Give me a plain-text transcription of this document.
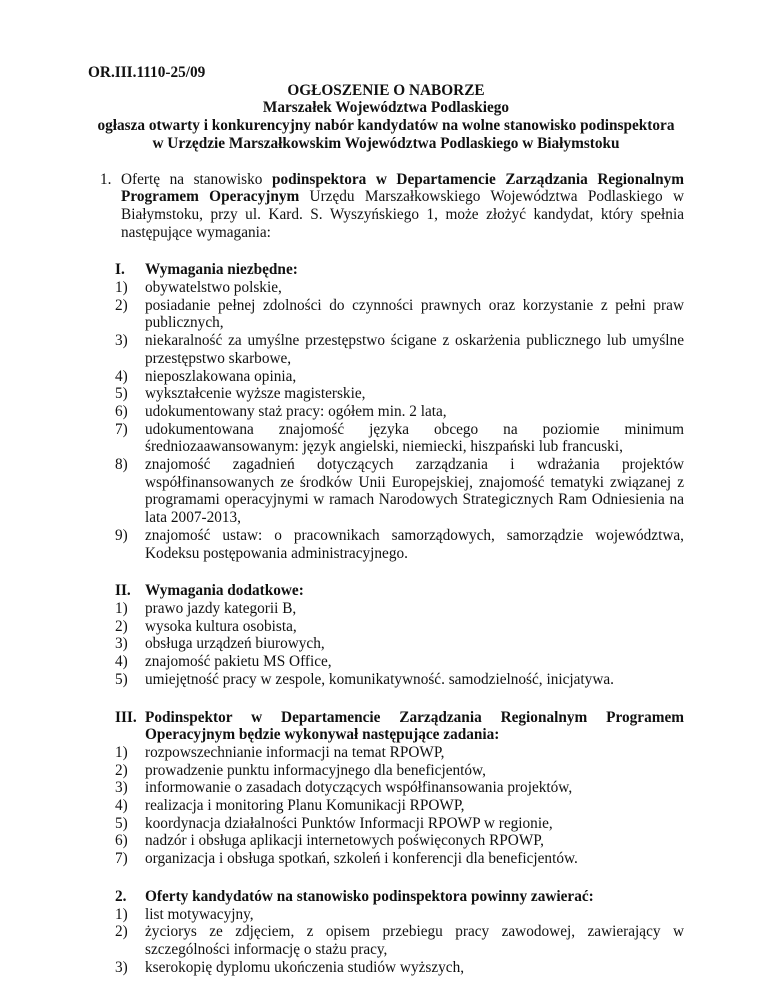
OR.III.1110-25/09
OGŁOSZENIE O NABORZE
Marszałek Województwa Podlaskiego
ogłasza otwarty i konkurencyjny nabór kandydatów na wolne stanowisko podinspektora
w Urzędzie Marszałkowskim Województwa Podlaskiego w Białymstoku
1. Ofertę na stanowisko podinspektora w Departamencie Zarządzania Regionalnym Programem Operacyjnym Urzędu Marszałkowskiego Województwa Podlaskiego w Białymstoku, przy ul. Kard. S. Wyszyńskiego 1, może złożyć kandydat, który spełnia następujące wymagania:
I.	Wymagania niezbędne:
1)	obywatelstwo polskie,
2)	posiadanie pełnej zdolności do czynności prawnych oraz korzystanie z pełni praw publicznych,
3)	niekaralność za umyślne przestępstwo ścigane z oskarżenia publicznego lub umyślne przestępstwo skarbowe,
4)	nieposzlakowana opinia,
5)	wykształcenie wyższe magisterskie,
6)	udokumentowany staż pracy: ogółem min. 2 lata,
7)	udokumentowana znajomość języka obcego na poziomie minimum średniozaawansowanym: język angielski, niemiecki, hiszpański lub francuski,
8)	znajomość zagadnień dotyczących zarządzania i wdrażania projektów współfinansowanych ze środków Unii Europejskiej, znajomość tematyki związanej z programami operacyjnymi w ramach Narodowych Strategicznych Ram Odniesienia na lata 2007-2013,
9)	znajomość ustaw: o pracownikach samorządowych, samorządzie województwa, Kodeksu postępowania administracyjnego.
II. Wymagania dodatkowe:
1)	prawo jazdy kategorii B,
2)	wysoka kultura osobista,
3)	obsługa urządzeń biurowych,
4)	znajomość pakietu MS Office,
5)	umiejętność pracy w zespole, komunikatywność. samodzielność, inicjatywa.
III. Podinspektor w Departamencie Zarządzania Regionalnym Programem Operacyjnym będzie wykonywał następujące zadania:
1)	rozpowszechnianie informacji na temat RPOWP,
2)	prowadzenie punktu informacyjnego dla beneficjentów,
3)	informowanie o zasadach dotyczących współfinansowania projektów,
4)	realizacja i monitoring Planu Komunikacji RPOWP,
5)	koordynacja działalności Punktów Informacji RPOWP w regionie,
6)	nadzór i obsługa aplikacji internetowych poświęconych RPOWP,
7)	organizacja i obsługa spotkań, szkoleń i konferencji dla beneficjentów.
2.	Oferty kandydatów na stanowisko podinspektora powinny zawierać:
1)	list motywacyjny,
2)	życiorys ze zdjęciem, z opisem przebiegu pracy zawodowej, zawierający w szczególności informację o stażu pracy,
3)	kserokopię dyplomu ukończenia studiów wyższych,
